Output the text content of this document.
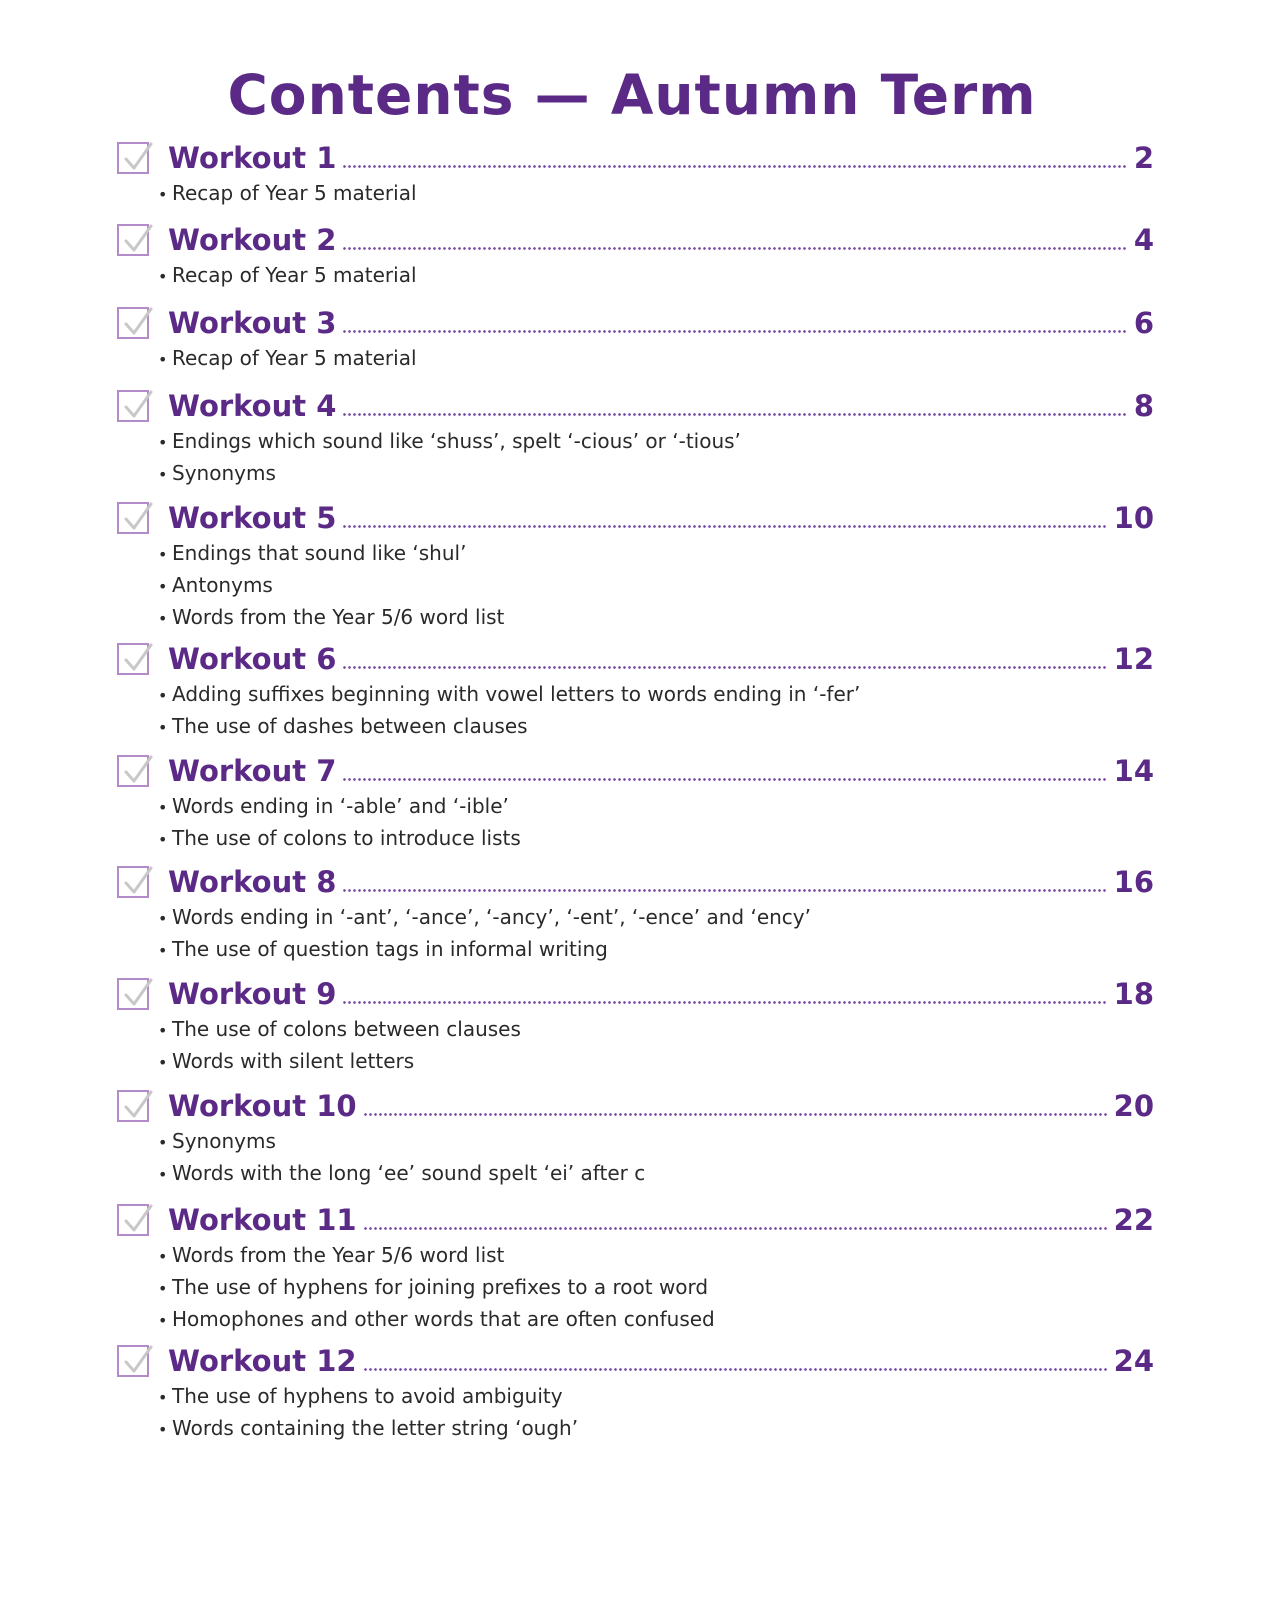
Contents — Autumn Term
Workout 1	2
• Recap of Year 5 material
Workout 2	4
• Recap of Year 5 material
Workout 3	6
• Recap of Year 5 material
Workout 4	8
• Endings which sound like ‘shuss’, spelt ‘-cious’ or ‘-tious’
• Synonyms
Workout 5	10
• Endings that sound like ‘shul’
• Antonyms
• Words from the Year 5/6 word list
Workout 6	12
• Adding suffixes beginning with vowel letters to words ending in ‘-fer’
• The use of dashes between clauses
Workout 7	14
• Words ending in ‘-able’ and ‘-ible’
• The use of colons to introduce lists
Workout 8	16
• Words ending in ‘-ant’, ‘-ance’, ‘-ancy’, ‘-ent’, ‘-ence’ and ‘ency’
• The use of question tags in informal writing
Workout 9	18
• The use of colons between clauses
• Words with silent letters
Workout 10	20
• Synonyms
• Words with the long ‘ee’ sound spelt ‘ei’ after c
Workout 11	22
• Words from the Year 5/6 word list
• The use of hyphens for joining prefixes to a root word
• Homophones and other words that are often confused
Workout 12	24
• The use of hyphens to avoid ambiguity
• Words containing the letter string ‘ough’
